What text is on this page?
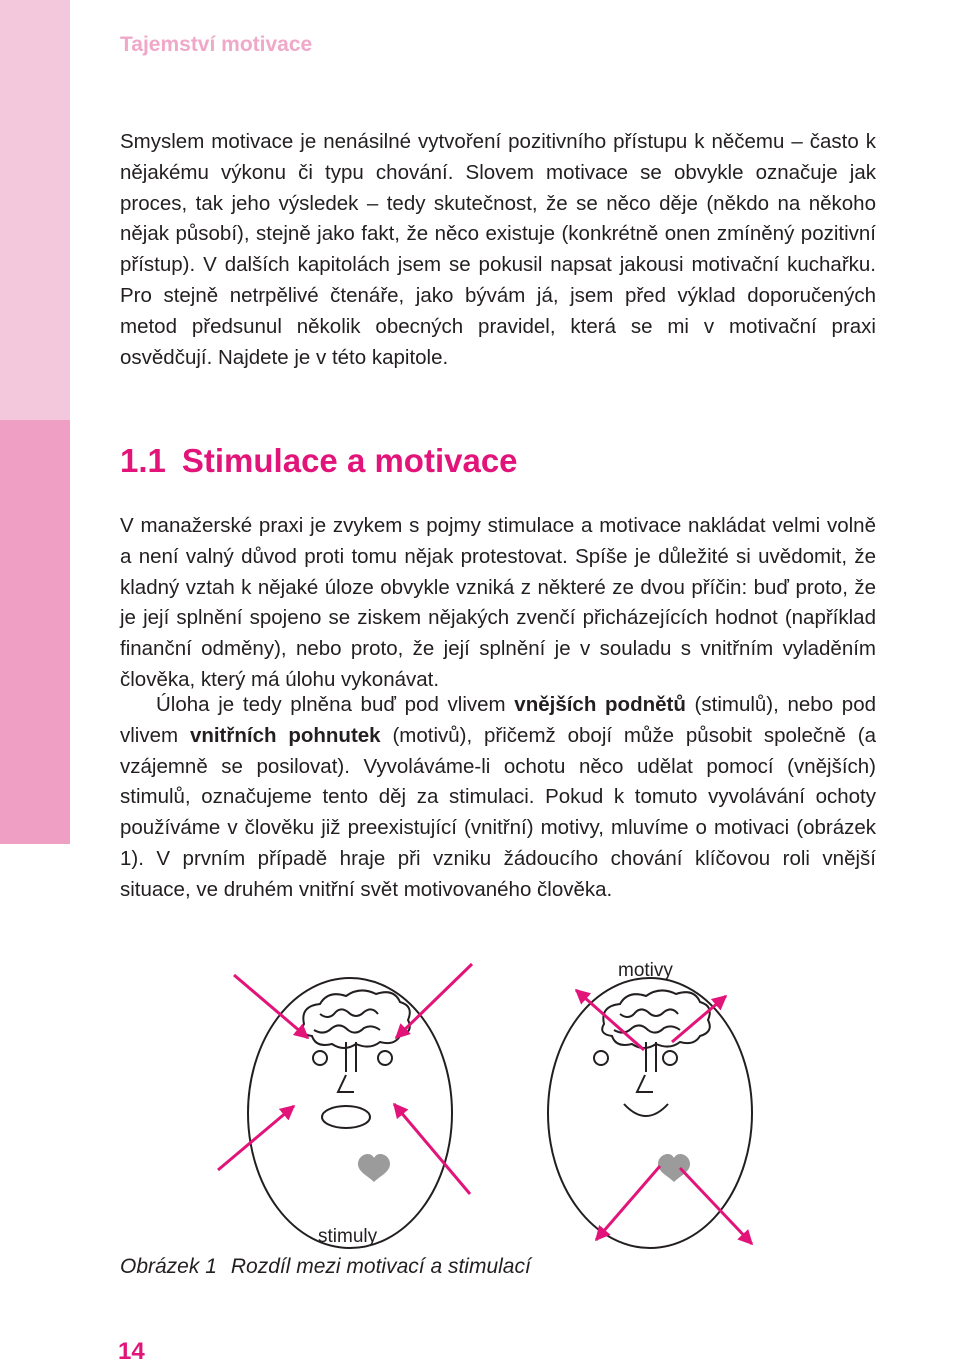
Tajemství motivace

Smyslem motivace je nenásilné vytvoření pozitivního přístupu k něčemu – často k nějakému výkonu či typu chování. Slovem motivace se obvykle označuje jak proces, tak jeho výsledek – tedy skutečnost, že se něco děje (někdo na někoho nějak působí), stejně jako fakt, že něco existuje (konkrétně onen zmíněný pozitivní přístup). V dalších kapitolách jsem se pokusil napsat jakousi motivační kuchařku. Pro stejně netrpělivé čtenáře, jako bývám já, jsem před výklad doporučených metod předsunul několik obecných pravidel, která se mi v motivační praxi osvědčují. Najdete je v této kapitole.

1.1 Stimulace a motivace

V manažerské praxi je zvykem s pojmy stimulace a motivace nakládat velmi volně a není valný důvod proti tomu nějak protestovat. Spíše je důležité si uvědomit, že kladný vztah k nějaké úloze obvykle vzniká z některé ze dvou příčin: buď proto, že je její splnění spojeno se ziskem nějakých zvenčí přicházejících hodnot (například finanční odměny), nebo proto, že její splnění je v souladu s vnitřním vyladěním člověka, který má úlohu vykonávat.

Úloha je tedy plněna buď pod vlivem vnějších podnětů (stimulů), nebo pod vlivem vnitřních pohnutek (motivů), přičemž obojí může působit společně (a vzájemně se posilovat). Vyvoláváme-li ochotu něco udělat pomocí (vnějších) stimulů, označujeme tento děj za stimulaci. Pokud k tomuto vyvolávání ochoty používáme v člověku již preexistující (vnitřní) motivy, mluvíme o motivaci (obrázek 1). V prvním případě hraje při vzniku žádoucího chování klíčovou roli vnější situace, ve druhém vnitřní svět motivovaného člověka.

stimuly
motivy
Obrázek 1 Rozdíl mezi motivací a stimulací
14
